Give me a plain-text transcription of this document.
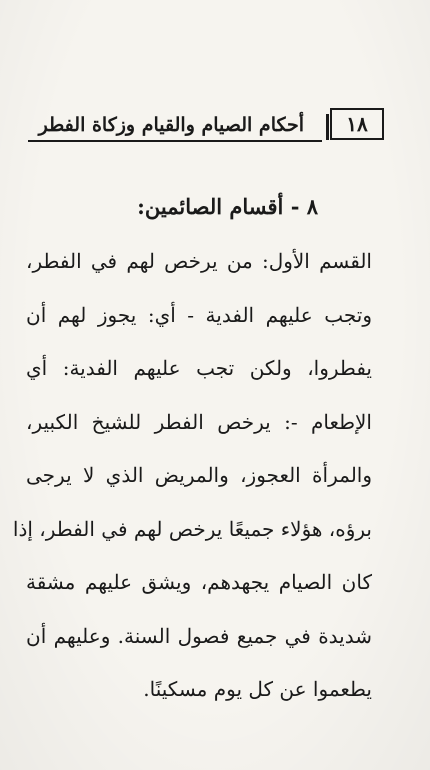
أحكام الصيام والقيام وزكاة الفطر	١٨
٨ - أقسام الصائمين:
القسم الأول: من يرخص لهم في الفطر،
وتجب عليهم الفدية - أي: يجوز لهم أن
يفطروا، ولكن تجب عليهم الفدية: أي
الإطعام -: يرخص الفطر للشيخ الكبير،
والمرأة العجوز، والمريض الذي لا يرجى
برؤه، هؤلاء جميعًا يرخص لهم في الفطر، إذا
كان الصيام يجهدهم، ويشق عليهم مشقة
شديدة في جميع فصول السنة. وعليهم أن
يطعموا عن كل يوم مسكينًا.
